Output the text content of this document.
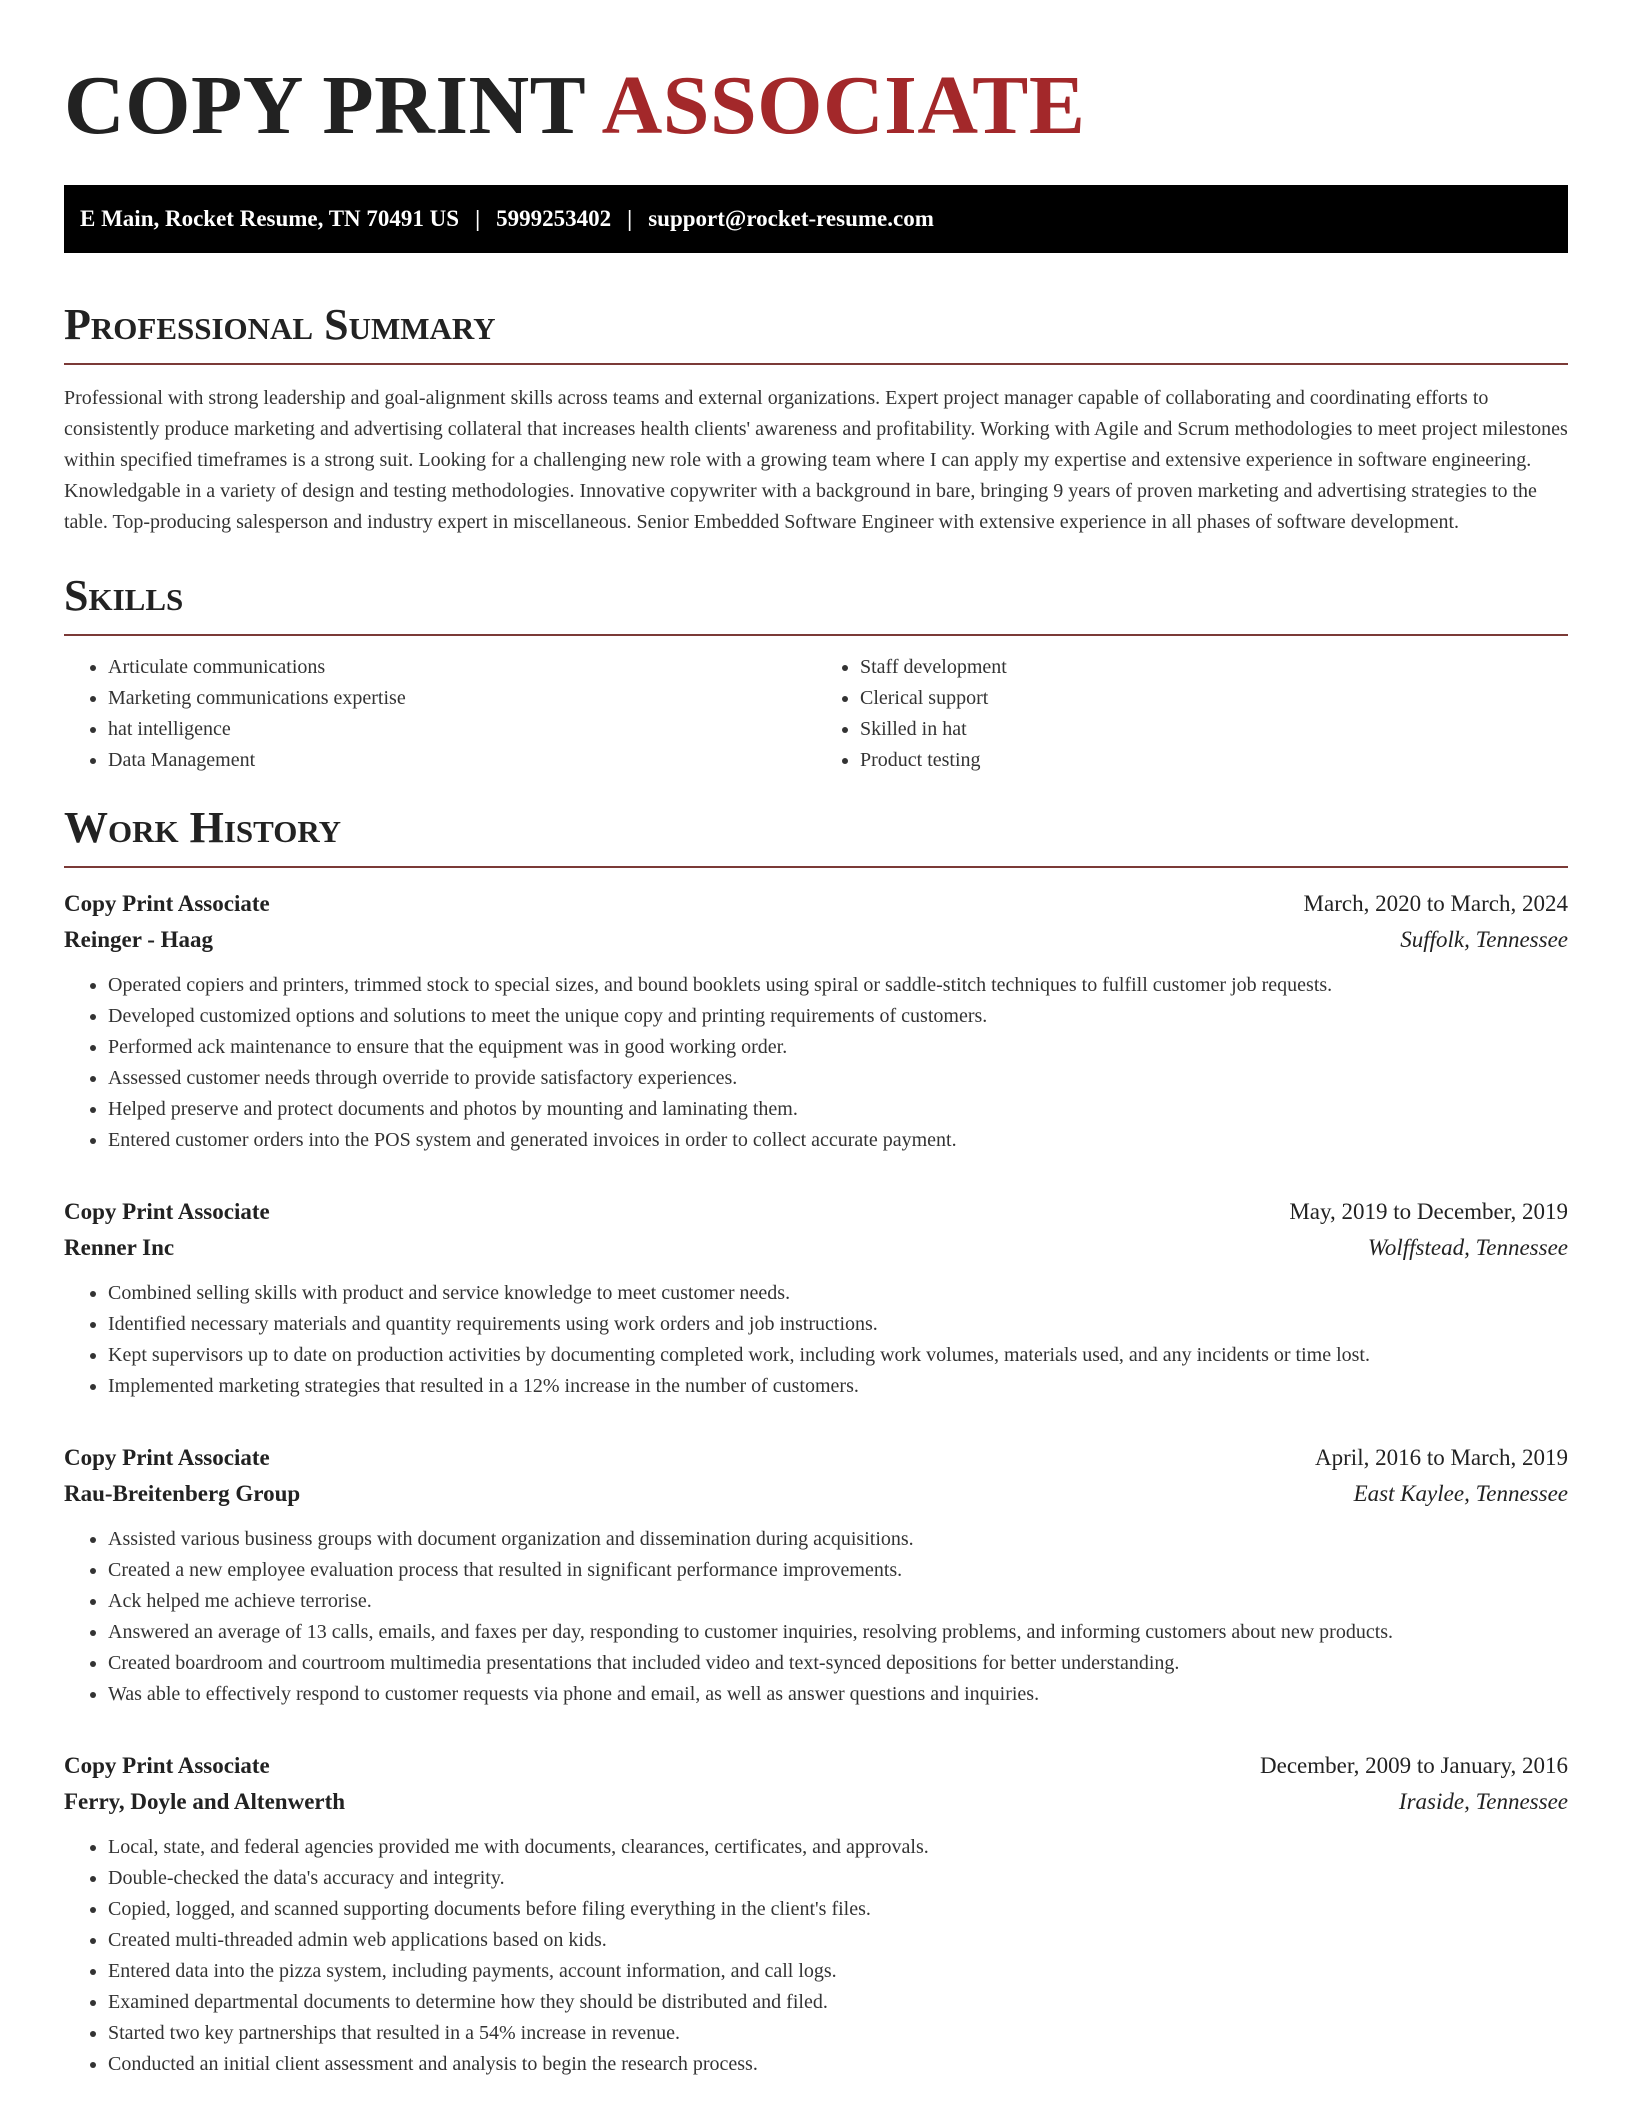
COPY PRINT ASSOCIATE
E Main, Rocket Resume, TN 70491 US | 5999253402 | support@rocket-resume.com
Professional Summary

Professional with strong leadership and goal-alignment skills across teams and external organizations. Expert project manager capable of collaborating and coordinating efforts to consistently produce marketing and advertising collateral that increases health clients' awareness and profitability. Working with Agile and Scrum methodologies to meet project milestones within specified timeframes is a strong suit. Looking for a challenging new role with a growing team where I can apply my expertise and extensive experience in software engineering. Knowledgable in a variety of design and testing methodologies. Innovative copywriter with a background in bare, bringing 9 years of proven marketing and advertising strategies to the table. Top-producing salesperson and industry expert in miscellaneous. Senior Embedded Software Engineer with extensive experience in all phases of software development.

Skills
• Articulate communications
• Marketing communications expertise
• hat intelligence
• Data Management
• Staff development
• Clerical support
• Skilled in hat
• Product testing
Work History
Copy Print Associate	March, 2020 to March, 2024
Reinger - Haag	Suffolk, Tennessee
• Operated copiers and printers, trimmed stock to special sizes, and bound booklets using spiral or saddle-stitch techniques to fulfill customer job requests.
• Developed customized options and solutions to meet the unique copy and printing requirements of customers.
• Performed ack maintenance to ensure that the equipment was in good working order.
• Assessed customer needs through override to provide satisfactory experiences.
• Helped preserve and protect documents and photos by mounting and laminating them.
• Entered customer orders into the POS system and generated invoices in order to collect accurate payment.
Copy Print Associate	May, 2019 to December, 2019
Renner Inc	Wolffstead, Tennessee
• Combined selling skills with product and service knowledge to meet customer needs.
• Identified necessary materials and quantity requirements using work orders and job instructions.
• Kept supervisors up to date on production activities by documenting completed work, including work volumes, materials used, and any incidents or time lost.
• Implemented marketing strategies that resulted in a 12% increase in the number of customers.
Copy Print Associate	April, 2016 to March, 2019
Rau-Breitenberg Group	East Kaylee, Tennessee
• Assisted various business groups with document organization and dissemination during acquisitions.
• Created a new employee evaluation process that resulted in significant performance improvements.
• Ack helped me achieve terrorise.
• Answered an average of 13 calls, emails, and faxes per day, responding to customer inquiries, resolving problems, and informing customers about new products.
• Created boardroom and courtroom multimedia presentations that included video and text-synced depositions for better understanding.
• Was able to effectively respond to customer requests via phone and email, as well as answer questions and inquiries.
Copy Print Associate	December, 2009 to January, 2016
Ferry, Doyle and Altenwerth	Iraside, Tennessee
• Local, state, and federal agencies provided me with documents, clearances, certificates, and approvals.
• Double-checked the data's accuracy and integrity.
• Copied, logged, and scanned supporting documents before filing everything in the client's files.
• Created multi-threaded admin web applications based on kids.
• Entered data into the pizza system, including payments, account information, and call logs.
• Examined departmental documents to determine how they should be distributed and filed.
• Started two key partnerships that resulted in a 54% increase in revenue.
• Conducted an initial client assessment and analysis to begin the research process.
